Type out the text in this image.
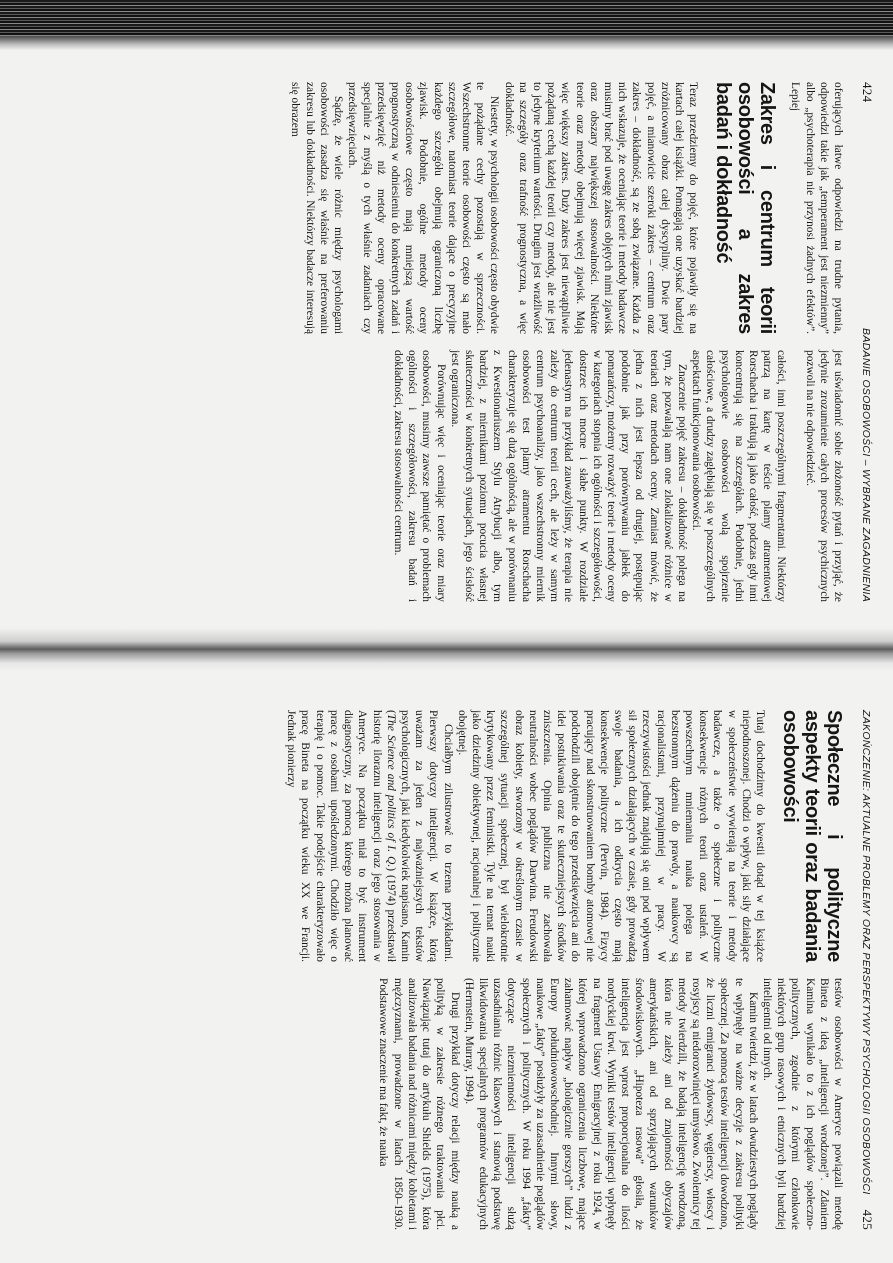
424
BADANIE OSOBOWOŚCI – WYBRANE ZAGADNIENIA

oferujących łatwe odpowiedzi na trudne pytania, odpowiedzi takie jak „temperament jest niezmienny” albo „psychoterapia nie przynosi żadnych efektów”. Lepiej

Zakres i centrum teorii osobowości a zakres badań i dokładność

Teraz przedziemy do pojęć, które pojawiły się na kartach całej książki. Pomagają one uzyskać bardziej zróżnicowany obraz całej dyscypliny. Dwie pary pojęć, a mianowicie szeroki zakres – centrum oraz zakres – dokładność, są ze sobą związane. Każda z nich wskazuje, że oceniając teorie i metody badawcze musimy brać pod uwagę zakres objętych nimi zjawisk oraz obszary największej stosowalności. Niektóre teorie oraz metody obejmują więcej zjawisk. Mają więc większy zakres. Duży zakres jest niewątpliwie pożądaną cechą każdej teorii czy metody, ale nie jest to jedyne kryterium wartości. Drugim jest wrażliwość na szczegóły oraz trafność prognostyczna, a więc dokładność.

Niestety, w psychologii osobowości często obydwie te pożądane cechy pozostają w sprzeczności. Wszechstronne teorie osobowości często są mało szczegółowe, natomiast teorie dające o precyzyjne każdego szczegółu obejmują ograniczoną liczbę zjawisk. Podobnie, ogólne metody oceny osobowościowe często mają mniejszą wartość prognostyczną w odniesieniu do konkretnych zadań i przedsięwzięć niż metody oceny opracowane specjalnie z myślą o tych właśnie zadaniach czy przedsięwzięciach.

Sądzę, że wiele różnic między psychologami osobowości zasadza się właśnie na preferowaniu zakresu lub dokładności. Niektórzy badacze interesują się obrazem

jest uświadomić sobie złożoność pytań i przyjąć, że jedynie zrozumienie całych procesów psychicznych pozwoli na nie odpowiedzieć.

całości, inni poszczególnymi fragmentami. Niektórzy patrzą na kartę w teście plamy atramentowej Rorschacha i traktują ją jako całość, podczas gdy inni koncentrują się na szczegółach. Podobnie, jedni psychologowie osobowości wolą spojrzenie całościowe, a drudzy zagłębiają się w poszczególnych aspektach funkcjonowania osobowości.

Znaczenie pojęć zakresu – dokładność polega na tym, że pozwalają nam one zlokalizować różnice w teoriach oraz metodach oceny. Zamiast mówić, że jedna z nich jest lepsza od drugiej, postępując podobnie jak przy porównywaniu jabłek do pomarańczy, możemy rozważyć teorie i metody oceny w kategoriach stopnia ich ogólności i szczegółowości, dostrzec ich mocne i słabe punkty. W rozdziale jedenastym na przykład zauważyliśmy, że terapia nie zależy do centrum teorii cech, ale leży w samym centrum psychoanalizy, jako wszechstronny miernik osobowości test plamy atramentu Rorschacha charakteryzuje się dużą ogólnością, ale w porównaniu z Kwestionariuszem Stylu Atrybucji albo, tym bardziej, z miernikami poziomu pocucia własnej skuteczności w konkretnych sytuacjach, jego ścisłość jest ograniczona.

Porównując więc i oceniając teorie oraz miary osobowości, musimy zawsze pamiętać o problemach ogólności i szczegółowości, zakresu badań i dokładności, zakresu stosowalności centrum.

ZAKOŃCZENIE: AKTUALNE PROBLEMY ORAZ PERSPEKTYWY PSYCHOLOGII OSOBOWOŚCI
425
Społeczne i polityczne aspekty teorii oraz badania osobowości

Tutaj dochodzimy do kwestii dotąd w tej książce niepodnoszonej. Chodzi o wpływ, jaki siły działające w społeczeństwie wywierają na teorie i metody badawcze, a także o społeczne i polityczne konsekwencje różnych teorii oraz ustaleń. W powszechnym mniemaniu nauka polega na bezstronnym dążeniu do prawdy, a naukowcy są racjonalistami, przynajmniej w pracy. W rzeczywistości jednak znajdują się oni pod wpływem sił społecznych działających w czasie, gdy prowadzą swoje badania, a ich odkrycia często mają konsekwencje polityczne (Pervin, 1984). Fizycy pracujący nad skonstruowaniem bomby atomowej nie podchodzili obojętnie do tego przedsięwzięcia ani do idei postukiwania oraz te skuteczniejszych środków zniszczenia. Opinia publiczna nie zachowała neutralności wobec poglądów Darwina. Freudowski obraz kobiety, stworzony w określonym czasie w szczególnej sytuacji społecznej, był wielokrotnie krytykowany przez feministki. Tyle na temat nauki jako dziedziny obiektywnej, racjonalnej i politycznie obojętnej.

Chciałbym zilustrować to trzema przykładami. Pierwszy dotyczy inteligencji. W książce, którą uważam za jeden z najważniejszych tekstów psychologicznych, jaki kiedykolwiek napisano, Kamin (The Science and politics of I. Q.) (1974) przedstawił historię iloraznu inteligencji oraz jego stosowania w Ameryce. Na początku miał to być instrument diagnostyczny, za pomocą którego można planować pracę z osobami upośledzonymi. Chodziło więc o terapię i o pomoc. Takie podejście charakteryzowało pracę Bineta na początku wieku XX we Francji. Jednak pionierzy

testów osobowości w Ameryce powiązali metodę Bineta z ideą „inteligencji wrodzonej”. Zdaniem Kamina wynikało to z ich poglądów społeczno-politycznych, zgodnie z którymi członkowie niektórych grup rasowych i etnicznych byli bardziej inteligentni od innych.

Kamin twierdzi, że w latach dwudziestych poglądy te wpłynęły na ważne decyzje z zakresu polityki społecznej. Za pomocą testów inteligencji dowodzono, że liczni emigranci żydowscy, węgierscy, włoscy i rosyjscy są niedorozwinięci umysłowo. Zwolennicy tej metody twierdzili, że badają inteligencję wrodzoną, która nie zależy ani od znajomości obyczajów amerykańskich, ani od sprzyjających warunków środowiskowych. „Hipoteza rasowa” głosiła, że inteligencja jest wprost proporcjonalna do ilości nordyckiej krwi. Wyniki testów inteligencji wpłynęły na fragment Ustawy Emigracyjnej z roku 1924, w której wprowadzono ograniczenia liczbowe, mające zahamować napływ „biologicznie gorszych” ludzi z Europy południowowschodniej. Innymi słowy, naukowe „fakty” posłużyły za uzasadnienie poglądów społecznych i politycznych. W roku 1994 „fakty” dotyczące niezmienności inteligencji służą uzasadnianiu różnic klasowych i stanowią podstawę likwidowania specjalnych programów edukacyjnych (Herrnstein, Murray, 1994).

Drugi przykład dotyczy relacji między nauką a polityką w zakresie różnego traktowania płci. Nawiązując tutaj do artykułu Shields (1975), która analizowała badania nad różnicami między kobietami i mężczyznami, prowadzone w latach 1850–1930. Podstawowe znaczenie ma fakt, że nauka
